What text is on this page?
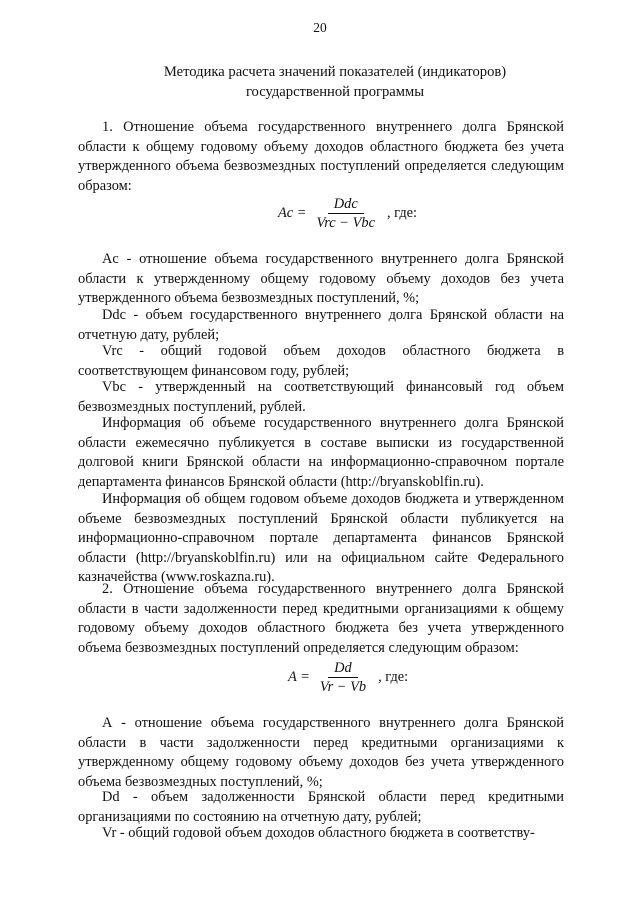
20
Методика расчета значений показателей (индикаторов)
государственной программы

1. Отношение объема государственного внутреннего долга Брянской области к общему годовому объему доходов областного бюджета без учета утвержденного объема безвозмездных поступлений определяется следующим образом:

$Ac = \frac{\text{Ddc}}{\text{Vrc − Vbc}}$ , где:

Ac - отношение объема государственного внутреннего долга Брянской области к утвержденному общему годовому объему доходов без учета утвержденного объема безвозмездных поступлений, %;

Ddc - объем государственного внутреннего долга Брянской области на отчетную дату, рублей;

Vrc - общий годовой объем доходов областного бюджета в соответствующем финансовом году, рублей;

Vbc - утвержденный на соответствующий финансовый год объем безвозмездных поступлений, рублей.

Информация об объеме государственного внутреннего долга Брянской области ежемесячно публикуется в составе выписки из государственной долговой книги Брянской области на информационно-справочном портале департамента финансов Брянской области (http://bryanskoblfin.ru).

Информация об общем годовом объеме доходов бюджета и утвержденном объеме безвозмездных поступлений Брянской области публикуется на информационно-справочном портале департамента финансов Брянской области (http://bryanskoblfin.ru) или на официальном сайте Федерального казначейства (www.roskazna.ru).

2. Отношение объема государственного внутреннего долга Брянской области в части задолженности перед кредитными организациями к общему годовому объему доходов областного бюджета без учета утвержденного объема безвозмездных поступлений определяется следующим образом:

$A = \frac{Dd}{Vr - Vb}$ , где:

А - отношение объема государственного внутреннего долга Брянской области в части задолженности перед кредитными организациями к утвержденному общему годовому объему доходов без учета утвержденного объема безвозмездных поступлений, %;

Dd - объем задолженности Брянской области перед кредитными организациями по состоянию на отчетную дату, рублей;

Vr - общий годовой объем доходов областного бюджета в соответству-
